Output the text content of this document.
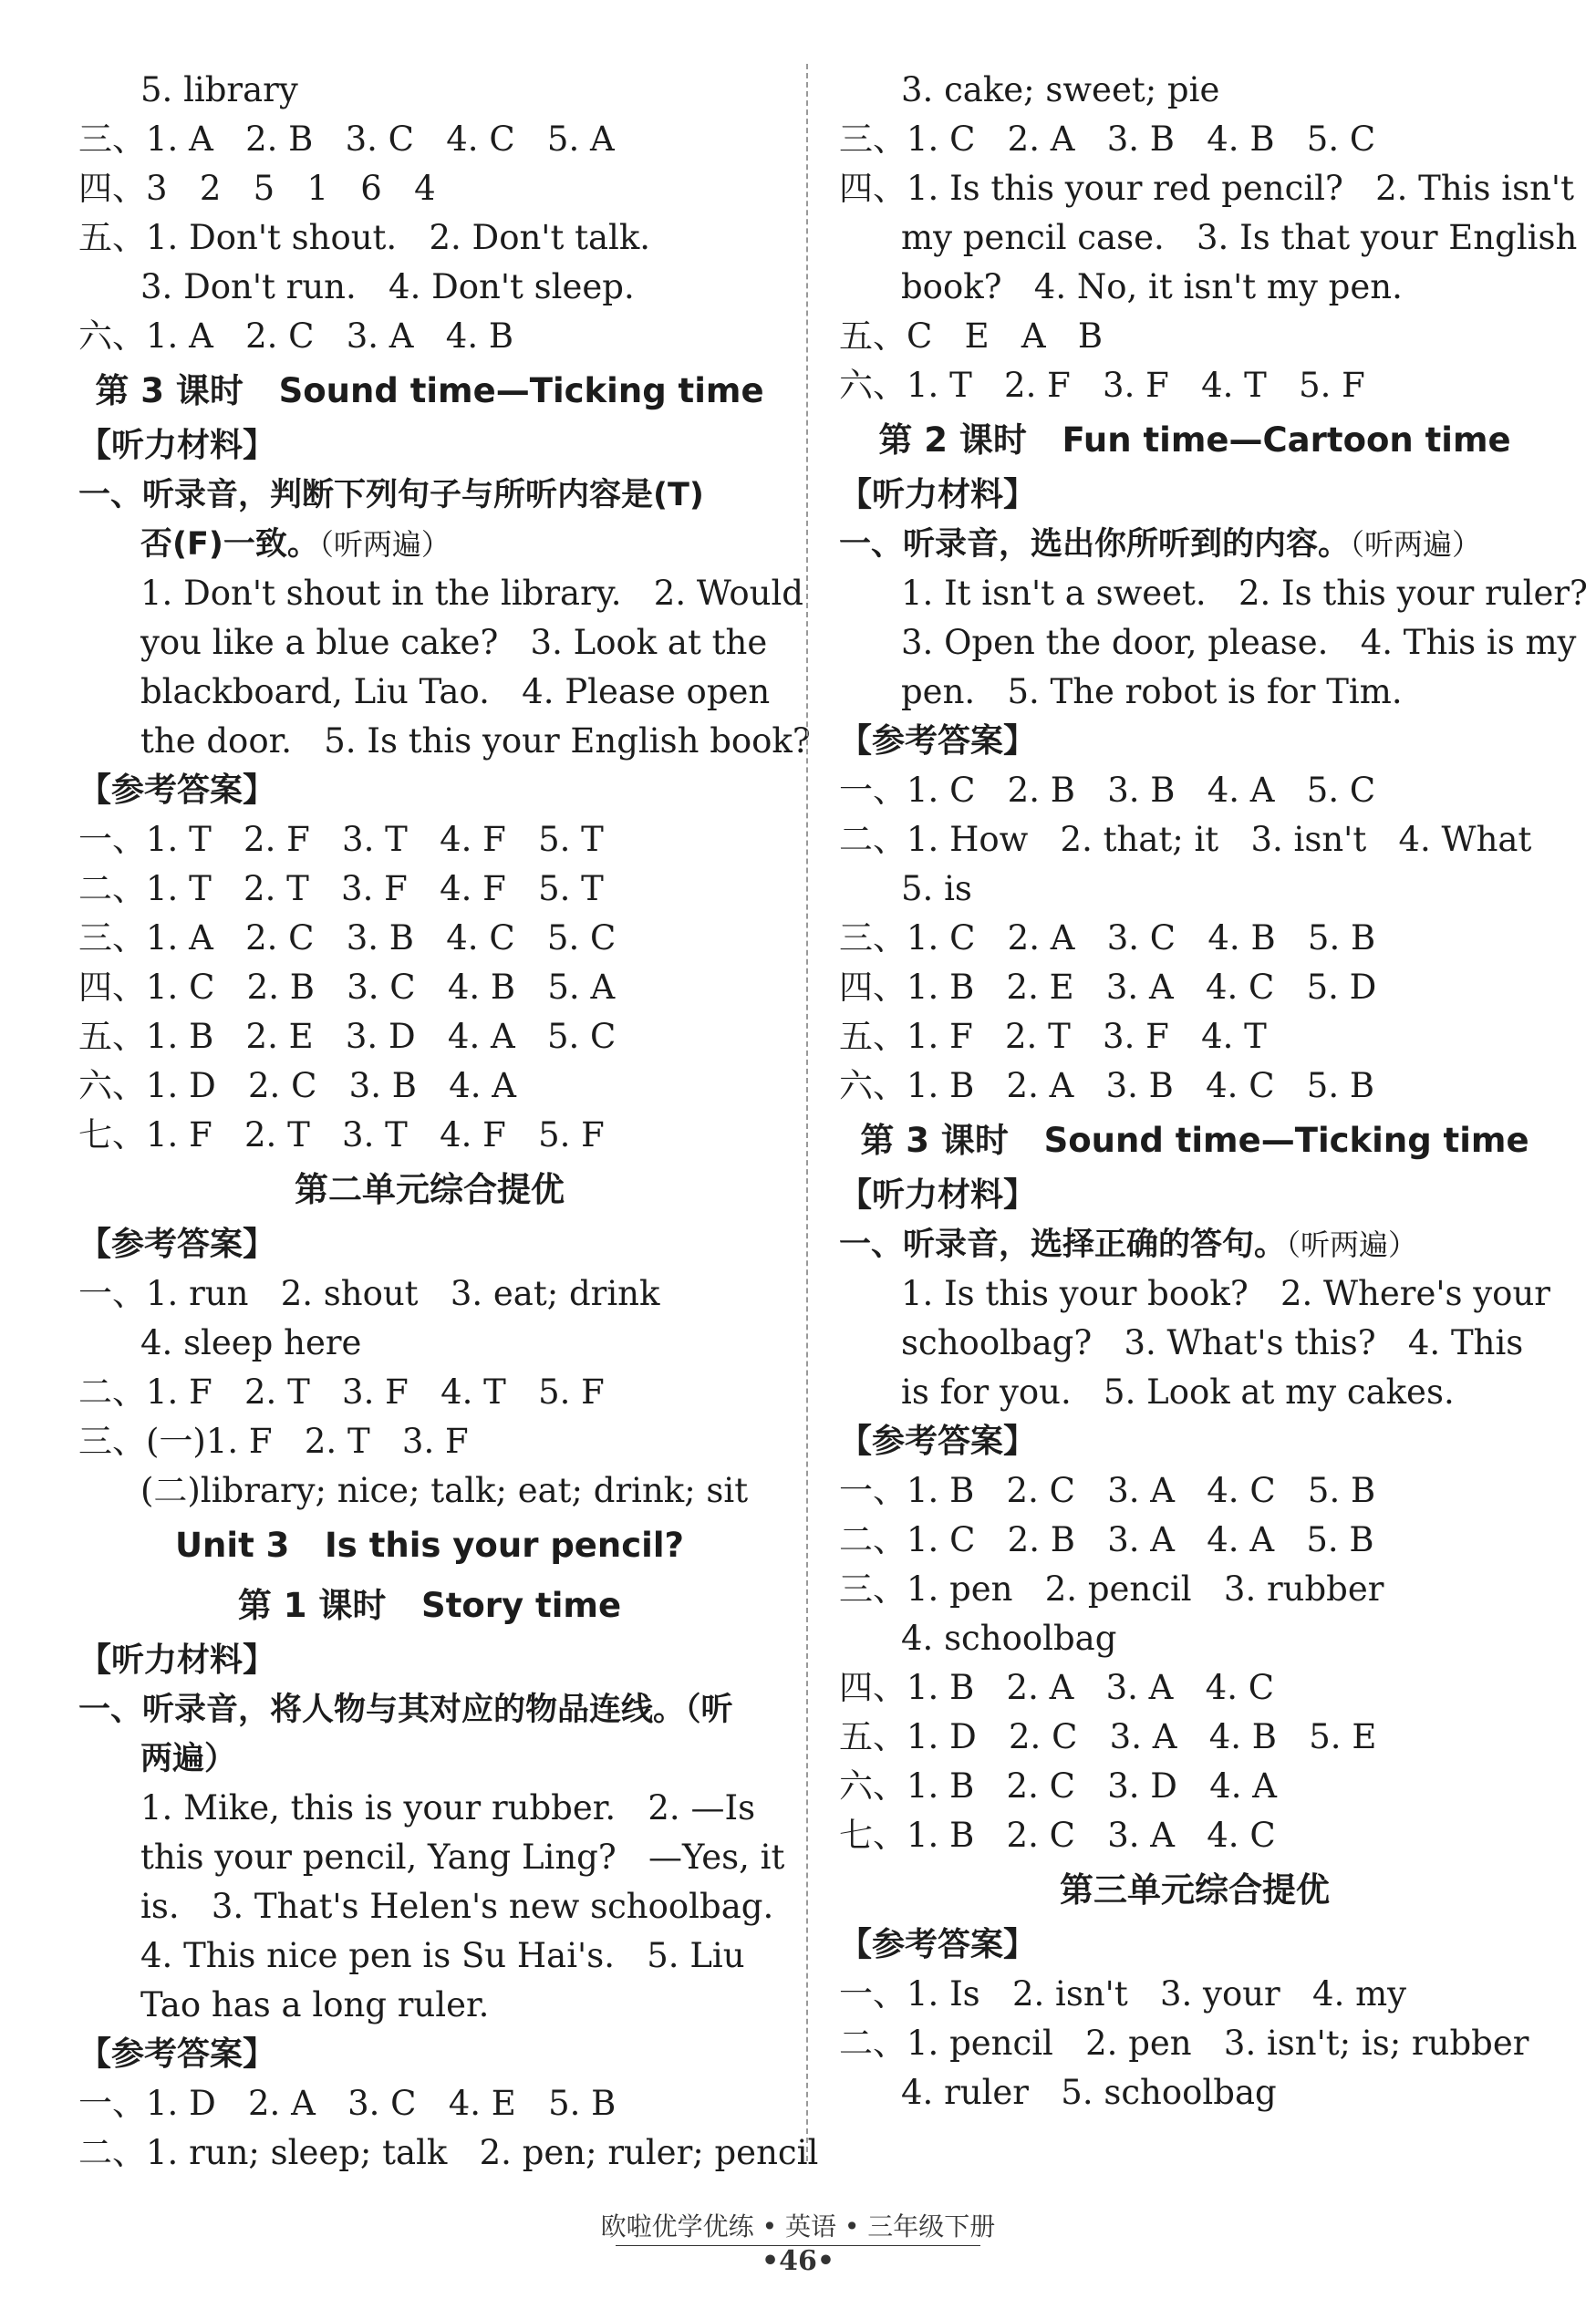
5. library
三、1. A   2. B   3. C   4. C   5. A
四、3   2   5   1   6   4
五、1. Don't shout.   2. Don't talk.
3. Don't run.   4. Don't sleep.
六、1. A   2. C   3. A   4. B
第 3 课时   Sound time—Ticking time
【听力材料】
一、听录音，判断下列句子与所听内容是(T)
否(F)一致。（听两遍）
1. Don't shout in the library.   2. Would
you like a blue cake?   3. Look at the
blackboard, Liu Tao.   4. Please open
the door.   5. Is this your English book?
【参考答案】
一、1. T   2. F   3. T   4. F   5. T
二、1. T   2. T   3. F   4. F   5. T
三、1. A   2. C   3. B   4. C   5. C
四、1. C   2. B   3. C   4. B   5. A
五、1. B   2. E   3. D   4. A   5. C
六、1. D   2. C   3. B   4. A
七、1. F   2. T   3. T   4. F   5. F
第二单元综合提优
【参考答案】
一、1. run   2. shout   3. eat; drink
4. sleep here
二、1. F   2. T   3. F   4. T   5. F
三、(一)1. F   2. T   3. F
(二)library; nice; talk; eat; drink; sit
Unit 3   Is this your pencil?
第 1 课时   Story time
【听力材料】
一、听录音，将人物与其对应的物品连线。（听
两遍）
1. Mike, this is your rubber.   2. —Is
this your pencil, Yang Ling?   —Yes, it
is.   3. That's Helen's new schoolbag.
4. This nice pen is Su Hai's.   5. Liu
Tao has a long ruler.
【参考答案】
一、1. D   2. A   3. C   4. E   5. B
二、1. run; sleep; talk   2. pen; ruler; pencil
3. cake; sweet; pie
三、1. C   2. A   3. B   4. B   5. C
四、1. Is this your red pencil?   2. This isn't
my pencil case.   3. Is that your English
book?   4. No, it isn't my pen.
五、C   E   A   B
六、1. T   2. F   3. F   4. T   5. F
第 2 课时   Fun time—Cartoon time
【听力材料】
一、听录音，选出你所听到的内容。（听两遍）
1. It isn't a sweet.   2. Is this your ruler?
3. Open the door, please.   4. This is my
pen.   5. The robot is for Tim.
【参考答案】
一、1. C   2. B   3. B   4. A   5. C
二、1. How   2. that; it   3. isn't   4. What
5. is
三、1. C   2. A   3. C   4. B   5. B
四、1. B   2. E   3. A   4. C   5. D
五、1. F   2. T   3. F   4. T
六、1. B   2. A   3. B   4. C   5. B
第 3 课时   Sound time—Ticking time
【听力材料】
一、听录音，选择正确的答句。（听两遍）
1. Is this your book?   2. Where's your
schoolbag?   3. What's this?   4. This
is for you.   5. Look at my cakes.
【参考答案】
一、1. B   2. C   3. A   4. C   5. B
二、1. C   2. B   3. A   4. A   5. B
三、1. pen   2. pencil   3. rubber
4. schoolbag
四、1. B   2. A   3. A   4. C
五、1. D   2. C   3. A   4. B   5. E
六、1. B   2. C   3. D   4. A
七、1. B   2. C   3. A   4. C
第三单元综合提优
【参考答案】
一、1. Is   2. isn't   3. your   4. my
二、1. pencil   2. pen   3. isn't; is; rubber
4. ruler   5. schoolbag
欧啦优学优练 • 英语 • 三年级下册
•46•
